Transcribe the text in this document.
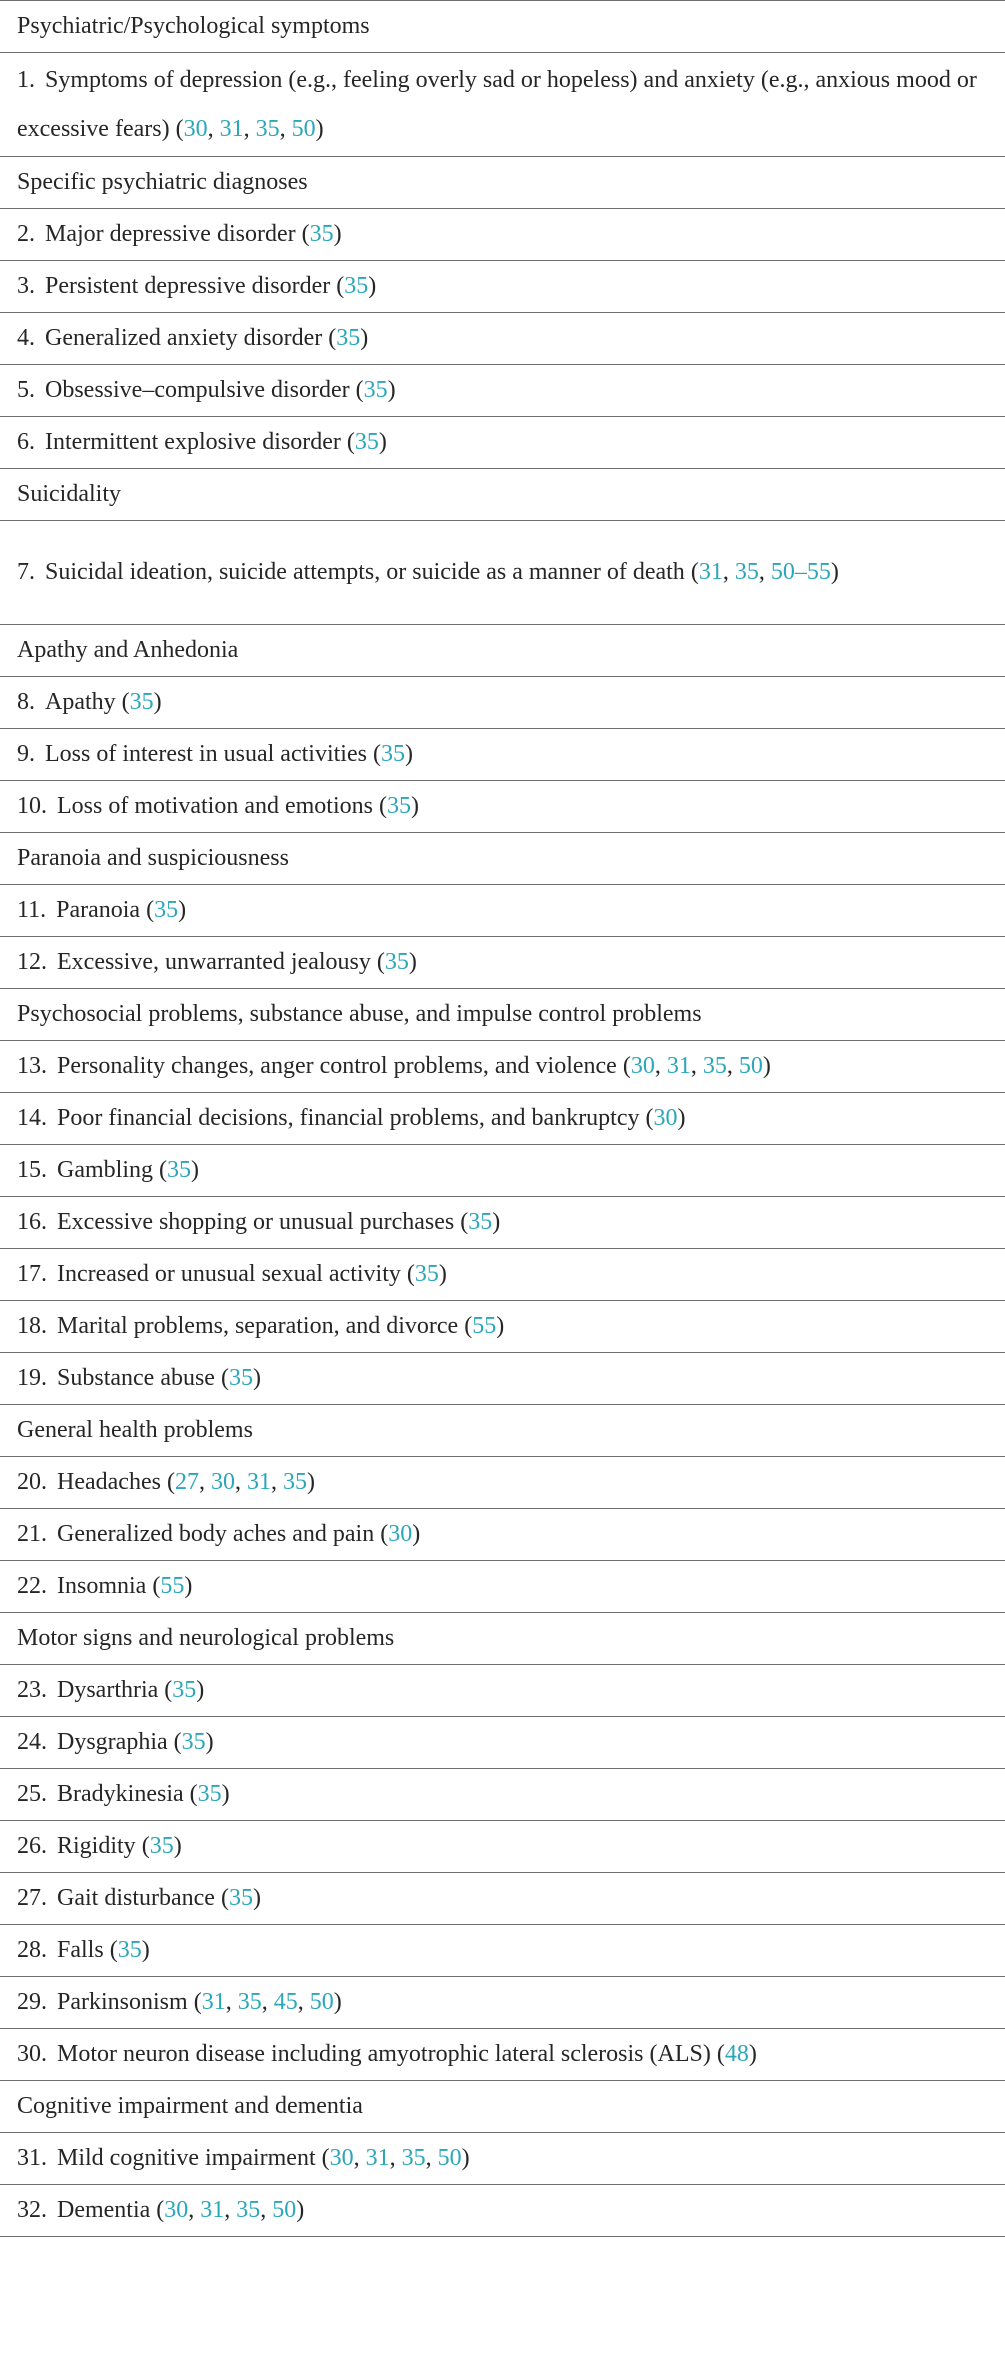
Psychiatric/Psychological symptoms
1. Symptoms of depression (e.g., feeling overly sad or hopeless) and anxiety (e.g., anxious mood or excessive fears) (30, 31, 35, 50)
Specific psychiatric diagnoses
2. Major depressive disorder (35)
3. Persistent depressive disorder (35)
4. Generalized anxiety disorder (35)
5. Obsessive–compulsive disorder (35)
6. Intermittent explosive disorder (35)
Suicidality
7. Suicidal ideation, suicide attempts, or suicide as a manner of death (31, 35, 50–55)
Apathy and Anhedonia
8. Apathy (35)
9. Loss of interest in usual activities (35)
10. Loss of motivation and emotions (35)
Paranoia and suspiciousness
11. Paranoia (35)
12. Excessive, unwarranted jealousy (35)
Psychosocial problems, substance abuse, and impulse control problems
13. Personality changes, anger control problems, and violence (30, 31, 35, 50)
14. Poor financial decisions, financial problems, and bankruptcy (30)
15. Gambling (35)
16. Excessive shopping or unusual purchases (35)
17. Increased or unusual sexual activity (35)
18. Marital problems, separation, and divorce (55)
19. Substance abuse (35)
General health problems
20. Headaches (27, 30, 31, 35)
21. Generalized body aches and pain (30)
22. Insomnia (55)
Motor signs and neurological problems
23. Dysarthria (35)
24. Dysgraphia (35)
25. Bradykinesia (35)
26. Rigidity (35)
27. Gait disturbance (35)
28. Falls (35)
29. Parkinsonism (31, 35, 45, 50)
30. Motor neuron disease including amyotrophic lateral sclerosis (ALS) (48)
Cognitive impairment and dementia
31. Mild cognitive impairment (30, 31, 35, 50)
32. Dementia (30, 31, 35, 50)
